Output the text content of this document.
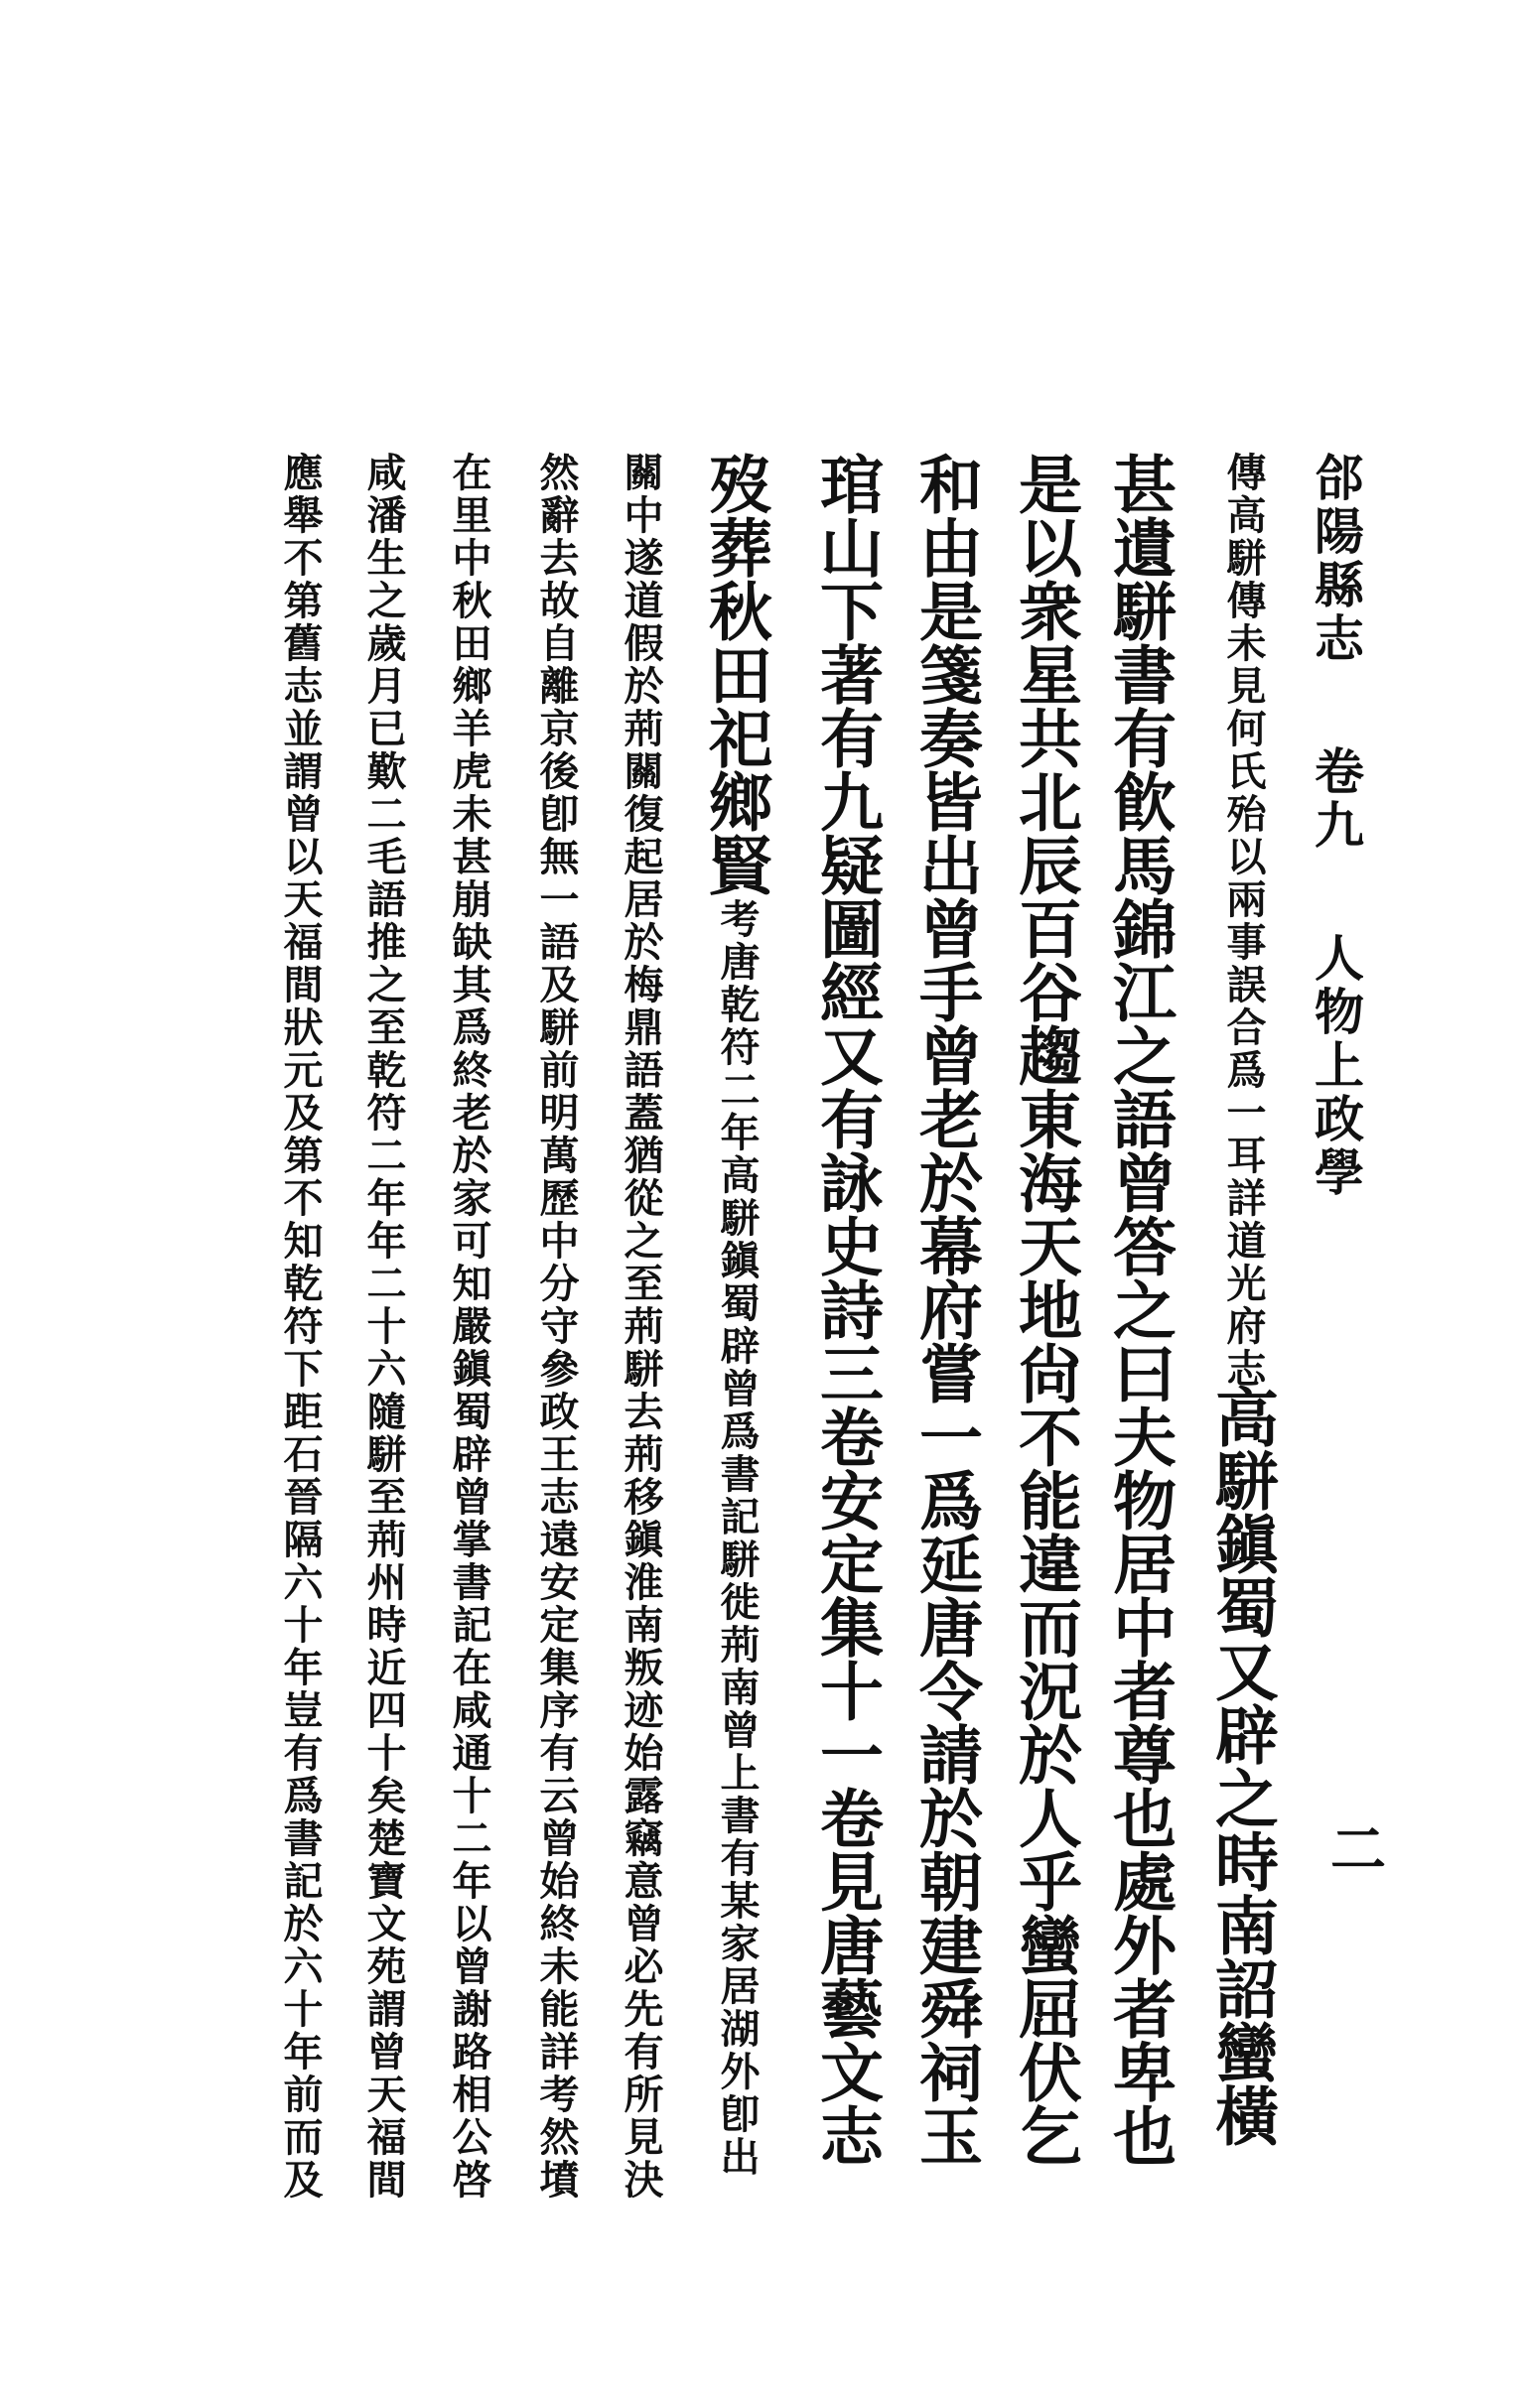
郃陽縣志卷九人物上政學
二
傳高駢傳未見何氏殆以兩事誤合爲一耳詳道光府志
高駢鎭蜀又辟之時南詔蠻橫
甚遺駢書有飮馬錦江之語曾答之曰夫物居中者尊也處外者卑也
是以衆星共北辰百谷趨東海天地尙不能違而況於人乎蠻屈伏乞
和由是箋奏皆出曾手曾老於幕府嘗一爲延唐令請於朝建舜祠玉
琯山下著有九疑圖經又有詠史詩三卷安定集十一卷見唐藝文志
歿葬秋田祀鄉賢
考唐乾符二年高駢鎭蜀辟曾爲書記駢徙荊南曾上書有某家居湖外卽出
關中遂道假於荊關復起居於梅鼎語蓋猶從之至荊駢去荊移鎭淮南叛迹始露竊意曾必先有所見決
然辭去故自離京後卽無一語及駢前明萬歷中分守參政王志遠安定集序有云曾始終未能詳考然墳
在里中秋田鄉羊虎未甚崩缺其爲終老於家可知嚴鎭蜀辟曾掌書記在咸通十二年以曾謝路相公啓
咸潘生之歲月已歎二毛語推之至乾符二年年二十六隨駢至荊州時近四十矣楚寶文苑謂曾天福間
應舉不第舊志並謂曾以天福間狀元及第不知乾符下距石晉隔六十年豈有爲書記於六十年前而及
